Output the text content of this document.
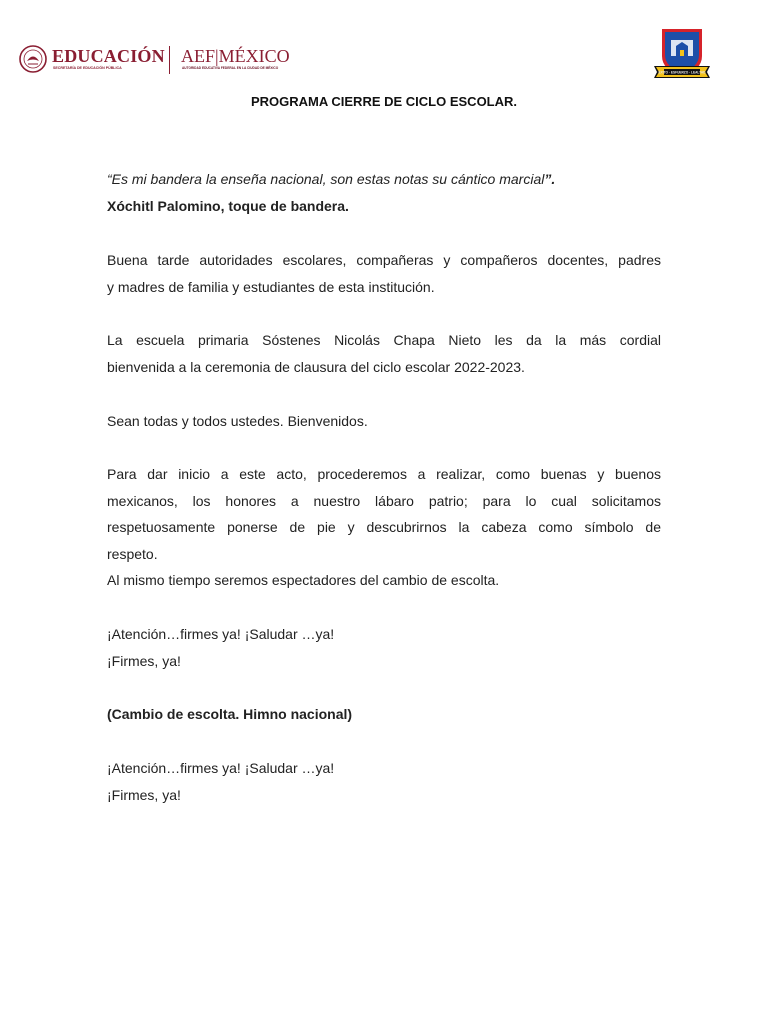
EDUCACIÓN
SECRETARÍA DE EDUCACIÓN PÚBLICA
AEF|MÉXICO
AUTORIDAD EDUCATIVA FEDERAL EN LA CIUDAD DE MÉXICO
ÉXITO · ESFUERZO · LEALTAD
PROGRAMA CIERRE DE CICLO ESCOLAR.
“Es mi bandera la enseña nacional, son estas notas su cántico marcial”.
Xóchitl Palomino, toque de bandera.
Buena tarde autoridades escolares, compañeras y compañeros docentes, padres
y madres de familia y estudiantes de esta institución.
La escuela primaria Sóstenes Nicolás Chapa Nieto les da la más cordial
bienvenida a la ceremonia de clausura del ciclo escolar 2022-2023.
Sean todas y todos ustedes. Bienvenidos.
Para dar inicio a este acto, procederemos a realizar, como buenas y buenos
mexicanos, los honores a nuestro lábaro patrio; para lo cual solicitamos
respetuosamente ponerse de pie y descubrirnos la cabeza como símbolo de
respeto.
Al mismo tiempo seremos espectadores del cambio de escolta.
¡Atención…firmes ya! ¡Saludar …ya!
¡Firmes, ya!
(Cambio de escolta. Himno nacional)
¡Atención…firmes ya! ¡Saludar …ya!
¡Firmes, ya!
